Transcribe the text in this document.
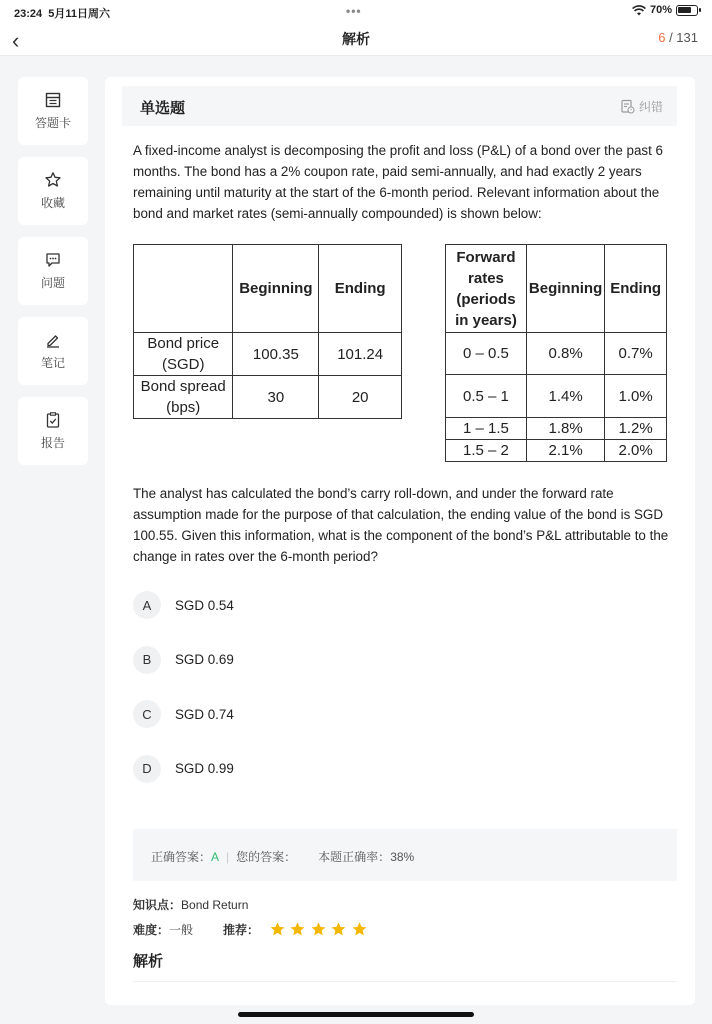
23:24 5月11日周六	•••	70%
‹	解析	6 / 131
答题卡
收藏
问题
笔记
报告
单选题	纠错

A fixed-income analyst is decomposing the profit and loss (P&L) of a bond over the past 6 months. The bond has a 2% coupon rate, paid semi-annually, and had exactly 2 years remaining until maturity at the start of the 6-month period. Relevant information about the bond and market rates (semi-annually compounded) is shown below:

	Beginning	Ending
Bond price (SGD)	100.35	101.24
Bond spread (bps)	30	20
Forward rates (periods in years)	Beginning	Ending
0 – 0.5	0.8%	0.7%
0.5 – 1	1.4%	1.0%
1 – 1.5	1.8%	1.2%
1.5 – 2	2.1%	2.0%

The analyst has calculated the bond’s carry roll-down, and under the forward rate assumption made for the purpose of that calculation, the ending value of the bond is SGD 100.55. Given this information, what is the component of the bond’s P&L attributable to the change in rates over the 6-month period?

A	SGD 0.54
B	SGD 0.69
C	SGD 0.74
D	SGD 0.99
正确答案： A | 您的答案： 本题正确率： 38%
知识点： Bond Return
难度： 一般	推荐：
解析
